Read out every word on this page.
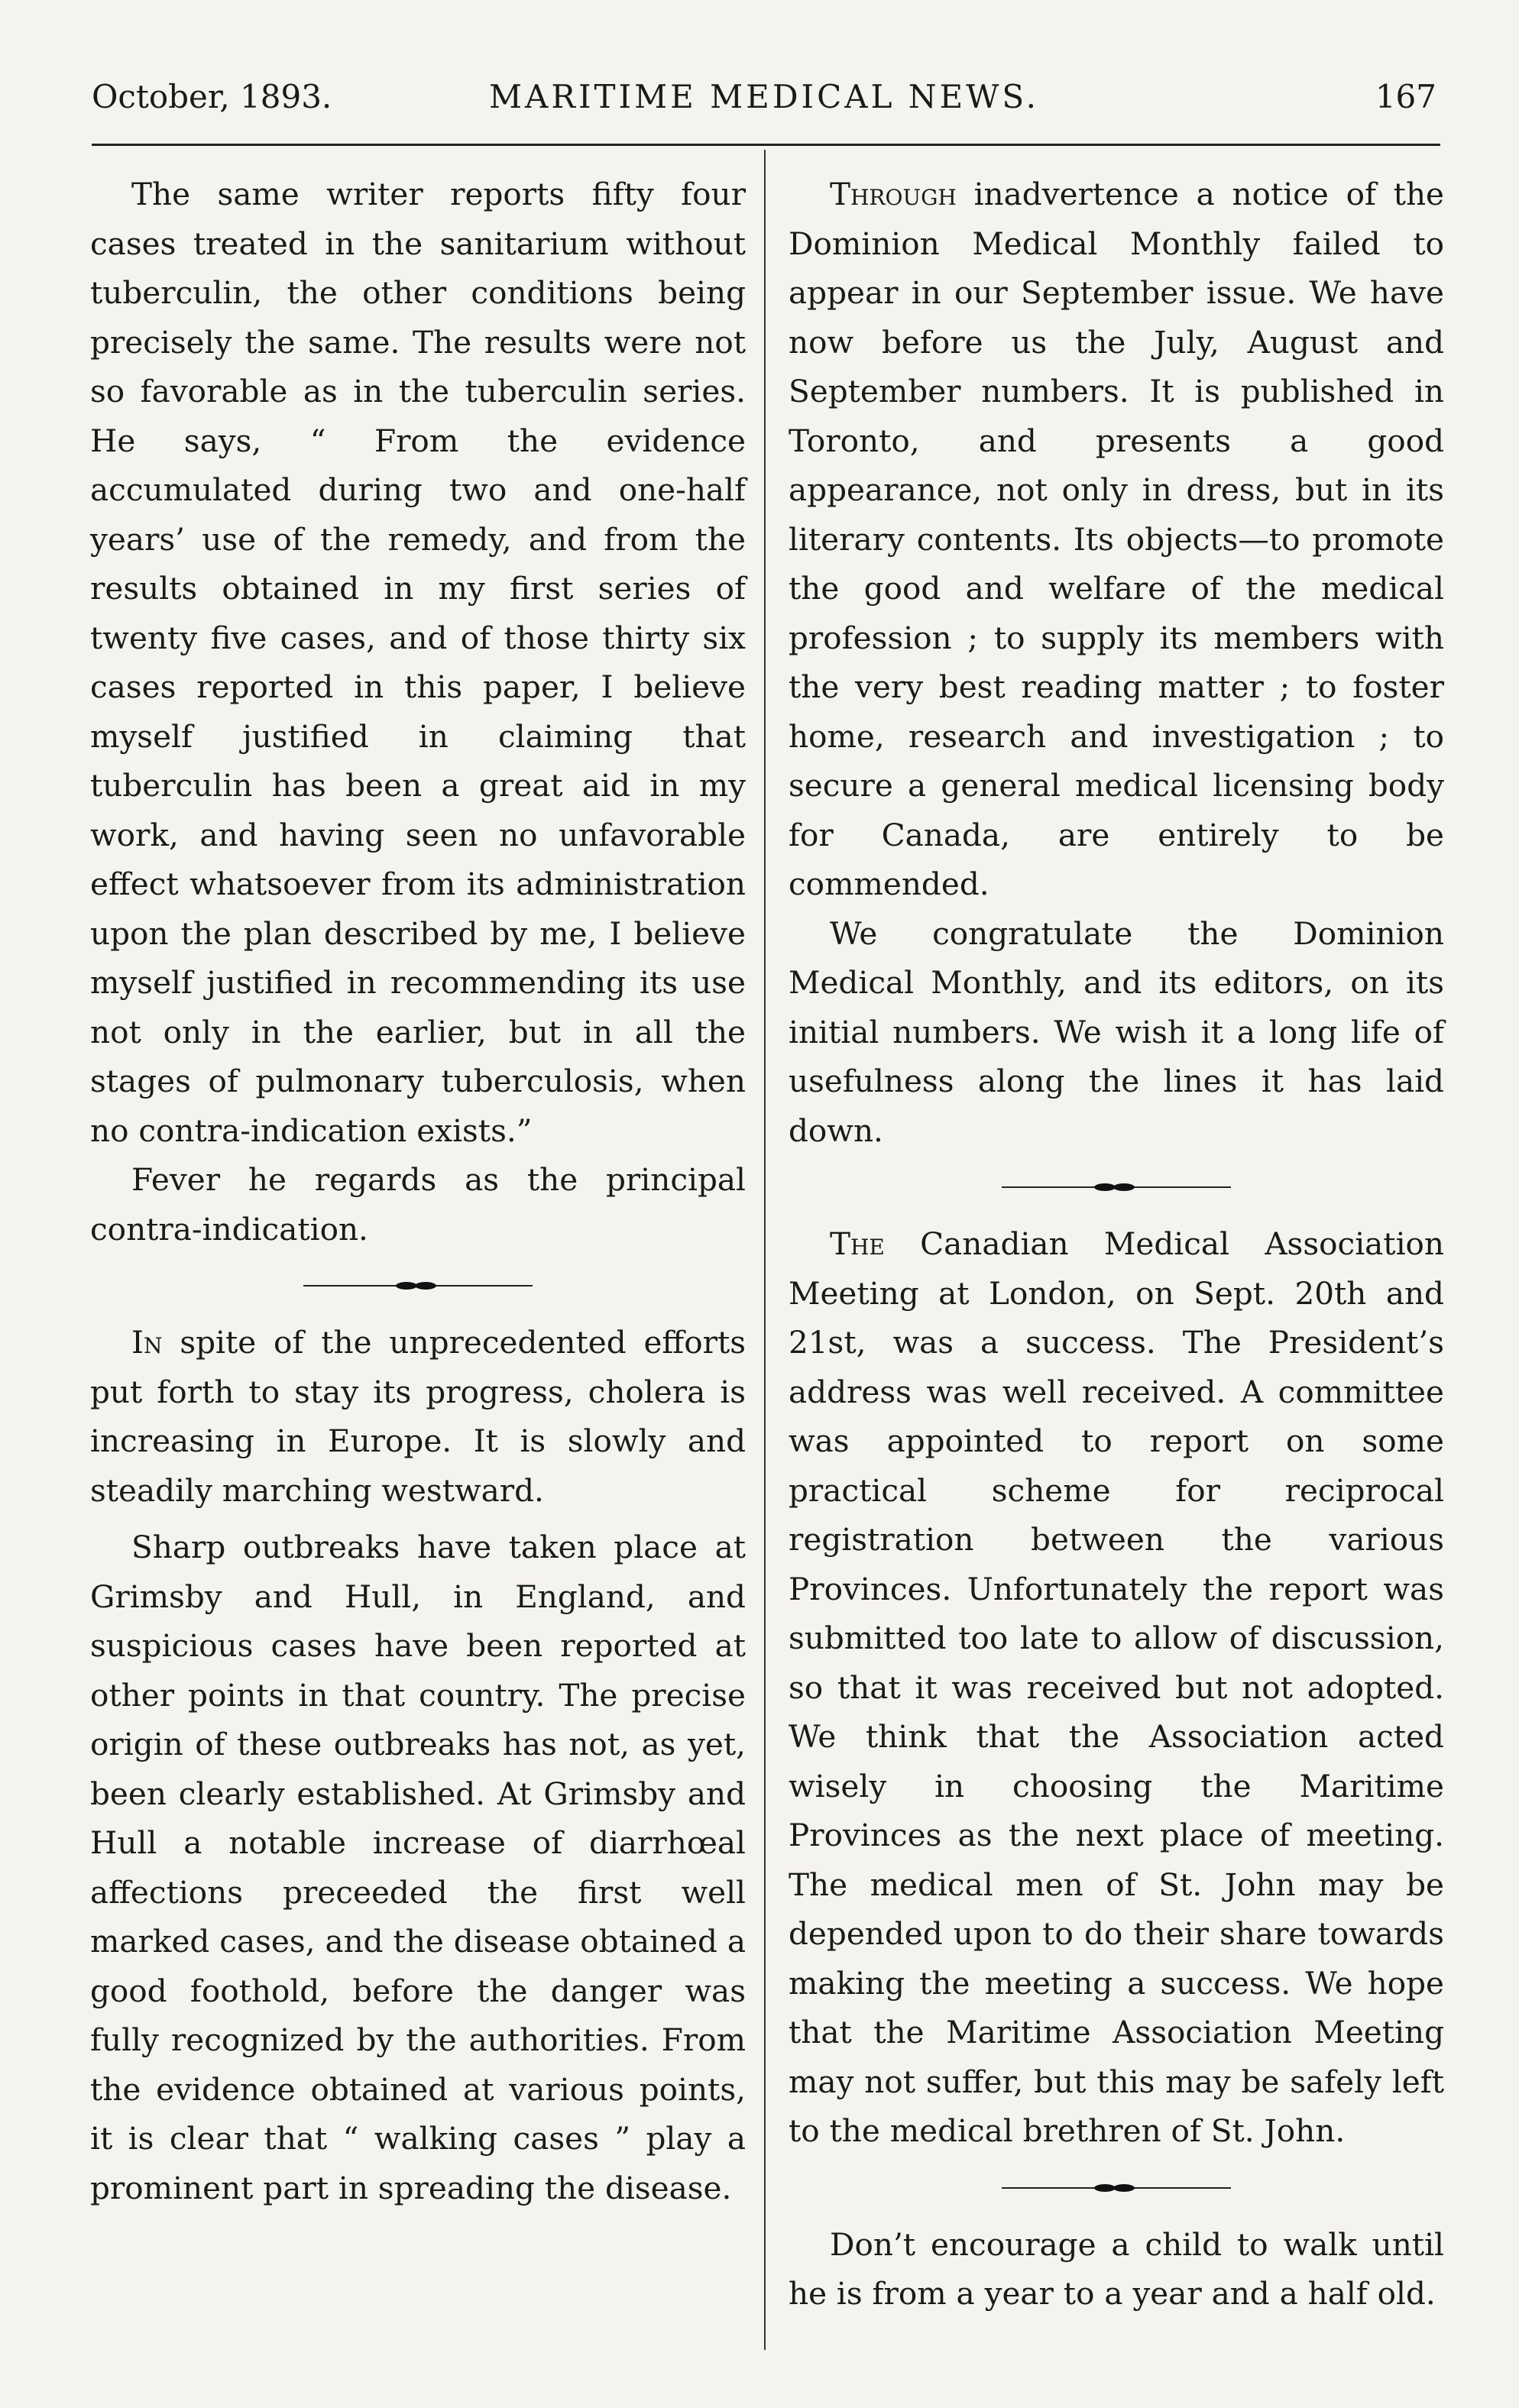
October, 1893.	MARITIME MEDICAL NEWS.	167

The same writer reports fifty four cases treated in the sanitarium without tuberculin, the other conditions being precisely the same. The results were not so favorable as in the tuberculin series. He says, “ From the evidence accumulated during two and one-half years’ use of the remedy, and from the results obtained in my first series of twenty five cases, and of those thirty six cases reported in this paper, I believe myself justified in claiming that tuberculin has been a great aid in my work, and having seen no unfavorable effect whatsoever from its administration upon the plan described by me, I believe myself justified in recommending its use not only in the earlier, but in all the stages of pulmonary tuberculosis, when no contra-indication exists.”

Fever he regards as the principal contra-indication.

In spite of the unprecedented efforts put forth to stay its progress, cholera is increasing in Europe. It is slowly and steadily marching westward.

Sharp outbreaks have taken place at Grimsby and Hull, in England, and suspicious cases have been reported at other points in that country. The precise origin of these outbreaks has not, as yet, been clearly established. At Grimsby and Hull a notable increase of diarrhœal affections preceeded the first well marked cases, and the disease obtained a good foothold, before the danger was fully recognized by the authorities. From the evidence obtained at various points, it is clear that “ walking cases ” play a prominent part in spreading the disease.

Through inadvertence a notice of the Dominion Medical Monthly failed to appear in our September issue. We have now before us the July, August and September numbers. It is published in Toronto, and presents a good appearance, not only in dress, but in its literary contents. Its objects—to promote the good and welfare of the medical profession ; to supply its members with the very best reading matter ; to foster home, research and investigation ; to secure a general medical licensing body for Canada, are entirely to be commended.

We congratulate the Dominion Medical Monthly, and its editors, on its initial numbers. We wish it a long life of usefulness along the lines it has laid down.

The Canadian Medical Association Meeting at London, on Sept. 20th and 21st, was a success. The President’s address was well received. A committee was appointed to report on some practical scheme for reciprocal registration between the various Provinces. Unfortunately the report was submitted too late to allow of discussion, so that it was received but not adopted. We think that the Association acted wisely in choosing the Maritime Provinces as the next place of meeting. The medical men of St. John may be depended upon to do their share towards making the meeting a success. We hope that the Maritime Association Meeting may not suffer, but this may be safely left to the medical brethren of St. John.

Don’t encourage a child to walk until he is from a year to a year and a half old.
